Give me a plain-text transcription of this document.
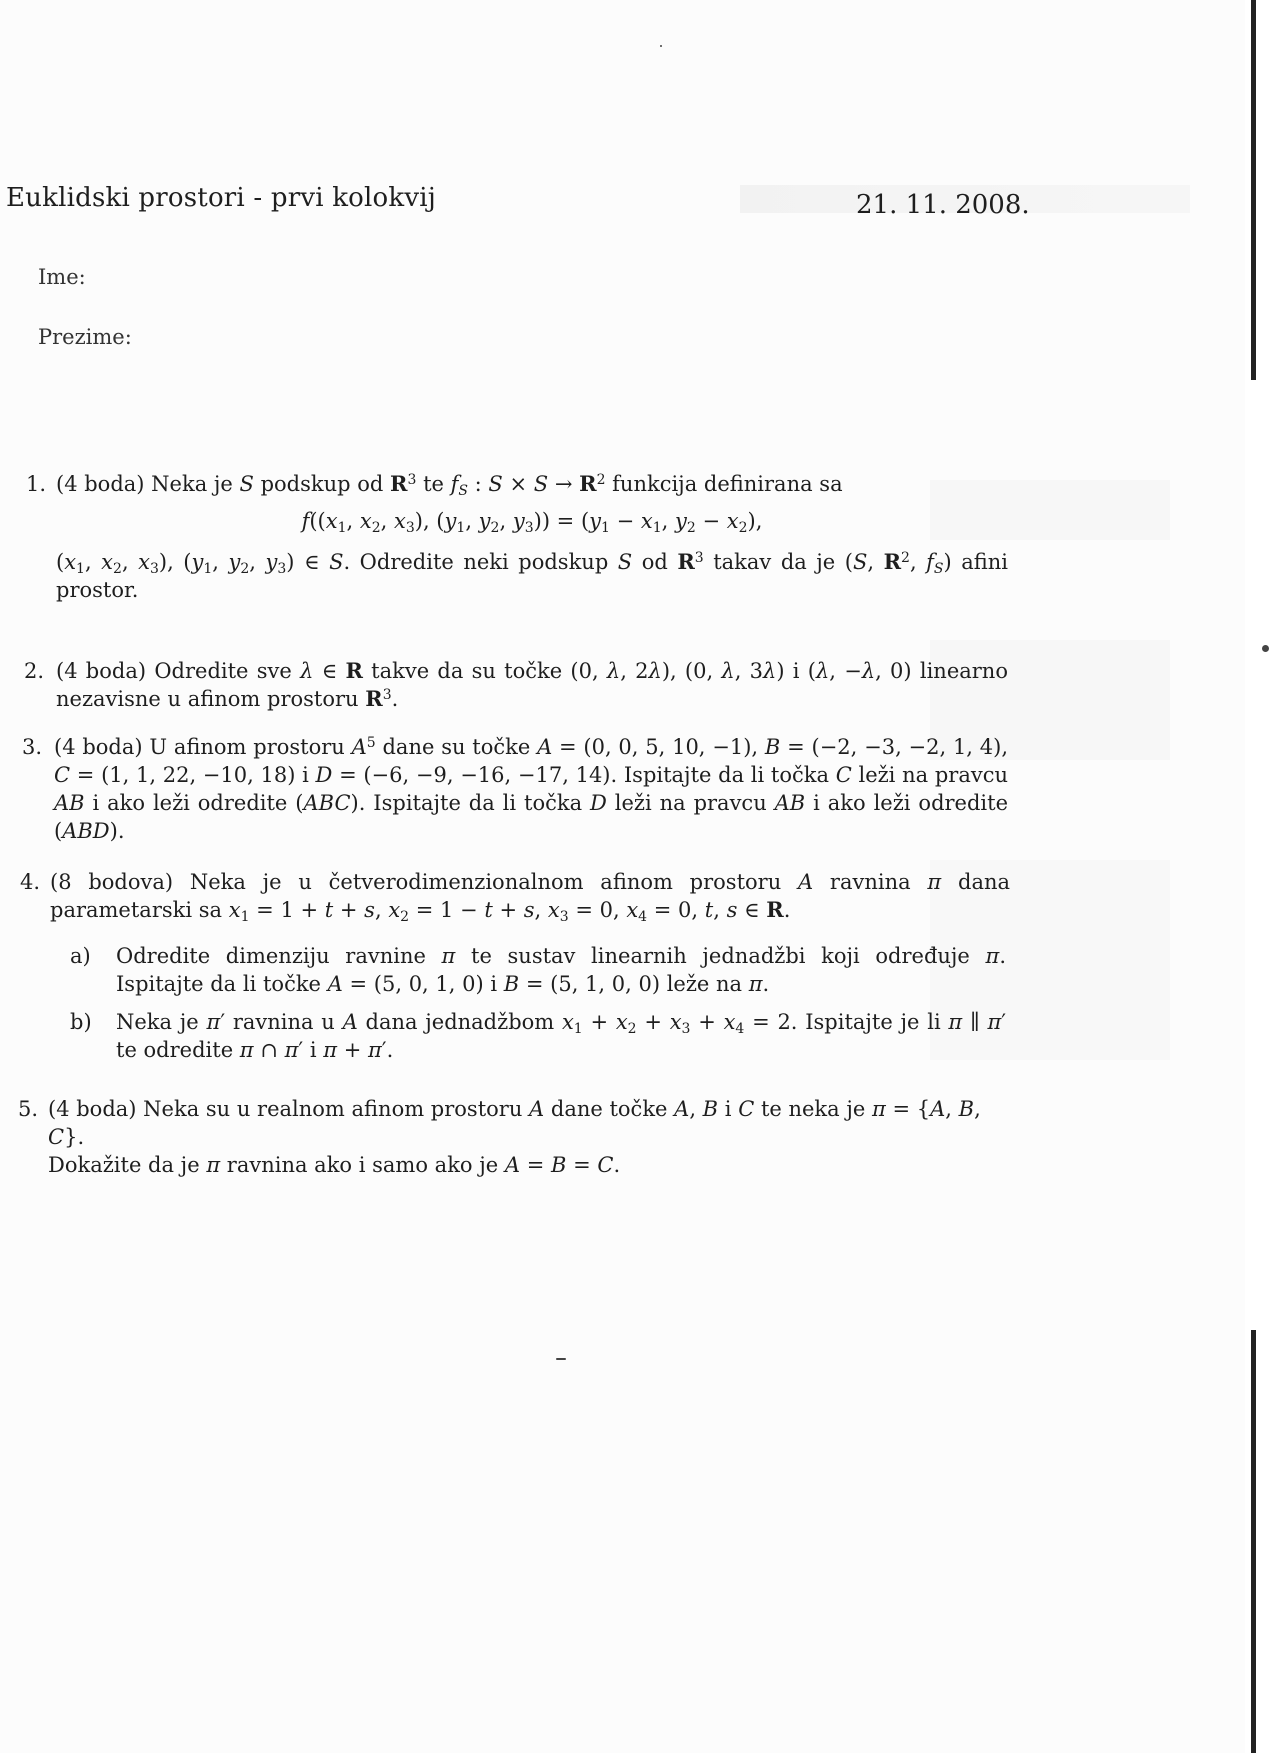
Euklidski prostori - prvi kolokvij	21. 11. 2008.
Ime:
Prezime:
1. (4 boda) Neka je S podskup od $R^3$ te $f_S$ : $S \times S \to R^2$ funkcija definirana sa

$f((x_1$, $x_2$, $x_3$), ($y_1$, $y_2$, $y_3)) = (y_1 - x_1$, $y_2 - x_2$),

($x_1$, $x_2$, $x_3$), ($y_1$, $y_2$, $y_3$) ∈ S. Odredite neki podskup S od $R^3$ takav da je (S, $R^2$, $f_S$) afini prostor.

2. (4 boda) Odredite sve λ ∈ R takve da su točke (0, λ, 2λ), (0, λ, 3λ) i (λ, −λ, 0) linearno nezavisne u afinom prostoru $R^3$.

3. (4 boda) U afinom prostoru $A^5$ dane su točke A = (0, 0, 5, 10, −1), B = (−2, −3, −2, 1, 4), C = (1, 1, 22, −10, 18) i D = (−6, −9, −16, −17, 14). Ispitajte da li točka C leži na pravcu AB i ako leži odredite (ABC). Ispitajte da li točka D leži na pravcu AB i ako leži odredite (ABD).

4. (8 bodova) Neka je u četverodimenzionalnom afinom prostoru A ravnina π dana parametarski sa $x_1 = 1 + t + s$, $x_2 = 1 - t + s$, $x_3 = 0$, $x_4 = 0$, t, s ∈ R.

a) Odredite dimenziju ravnine π te sustav linearnih jednadžbi koji određuje π. Ispitajte da li točke A = (5, 0, 1, 0) i B = (5, 1, 0, 0) leže na π.

b) Neka je π′ ravnina u A dana jednadžbom $x_1 + x_2 + x_3 + x_4 = 2$. Ispitajte je li π ∥ π′ te odredite π ∩ π′ i π + π′.

5. (4 boda) Neka su u realnom afinom prostoru A dane točke A, B i C te neka je π = {A, B, C}.
Dokažite da je π ravnina ako i samo ako je A = B = C.
